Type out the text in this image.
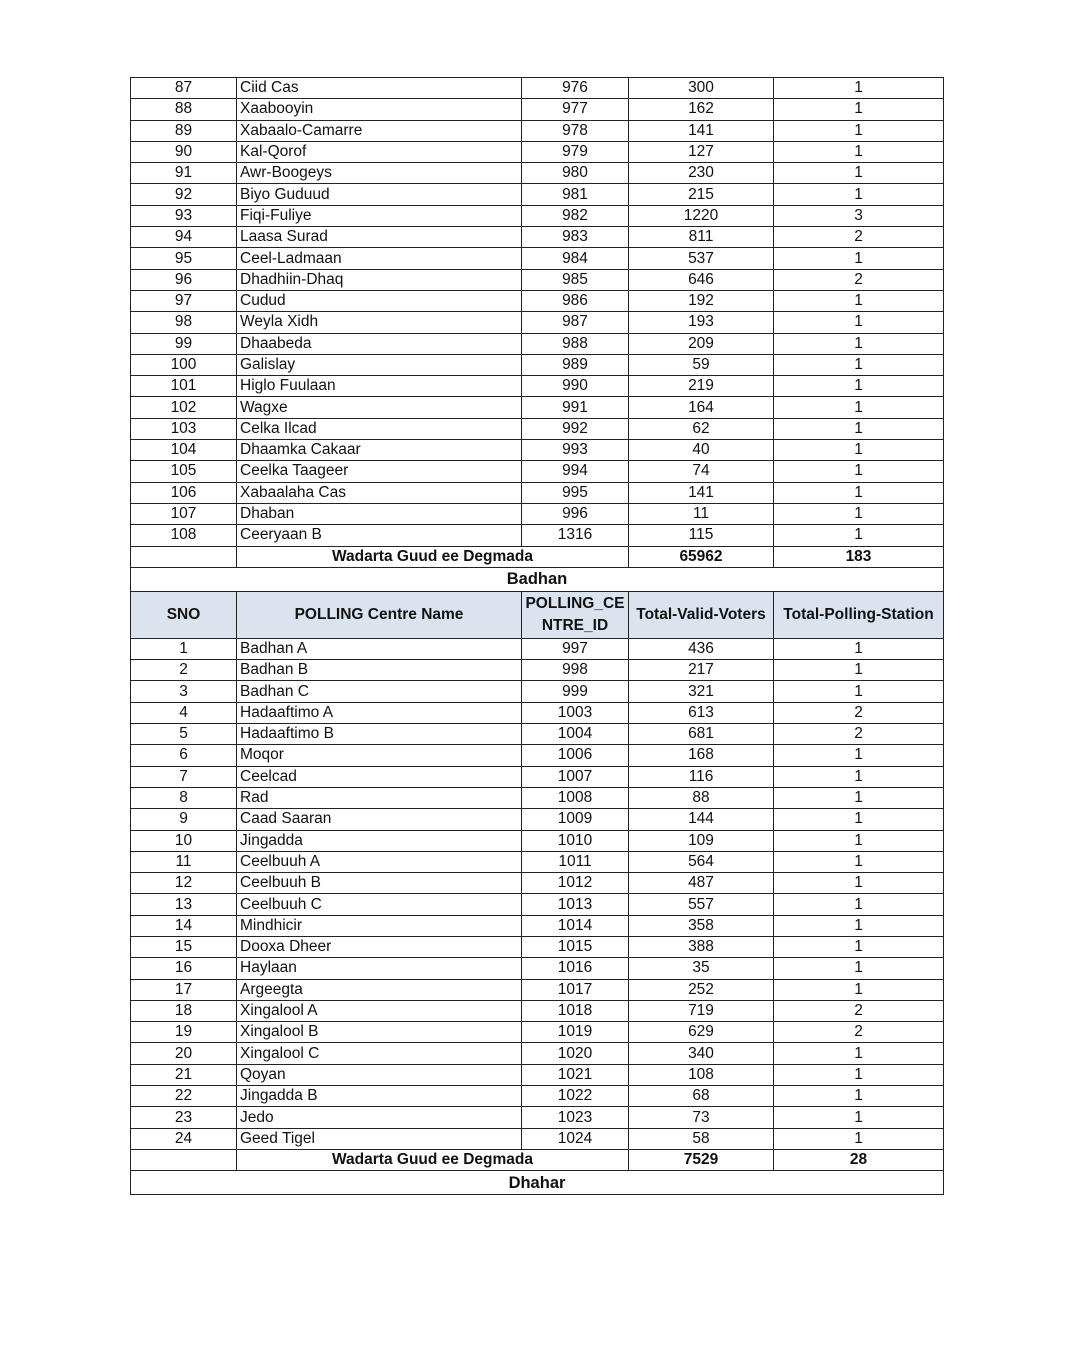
87	Ciid Cas	976	300	1
88	Xaabooyin	977	162	1
89	Xabaalo-Camarre	978	141	1
90	Kal-Qorof	979	127	1
91	Awr-Boogeys	980	230	1
92	Biyo Guduud	981	215	1
93	Fiqi-Fuliye	982	1220	3
94	Laasa Surad	983	811	2
95	Ceel-Ladmaan	984	537	1
96	Dhadhiin-Dhaq	985	646	2
97	Cudud	986	192	1
98	Weyla Xidh	987	193	1
99	Dhaabeda	988	209	1
100	Galislay	989	59	1
101	Higlo Fuulaan	990	219	1
102	Wagxe	991	164	1
103	Celka Ilcad	992	62	1
104	Dhaamka Cakaar	993	40	1
105	Ceelka Taageer	994	74	1
106	Xabaalaha Cas	995	141	1
107	Dhaban	996	11	1
108	Ceeryaan B	1316	115	1
	Wadarta Guud ee Degmada		65962	183
Badhan				
SNO	POLLING Centre Name	POLLING_CE NTRE_ID	Total-Valid-Voters	Total-Polling-Station
1	Badhan A	997	436	1
2	Badhan B	998	217	1
3	Badhan C	999	321	1
4	Hadaaftimo A	1003	613	2
5	Hadaaftimo B	1004	681	2
6	Moqor	1006	168	1
7	Ceelcad	1007	116	1
8	Rad	1008	88	1
9	Caad Saaran	1009	144	1
10	Jingadda	1010	109	1
11	Ceelbuuh A	1011	564	1
12	Ceelbuuh B	1012	487	1
13	Ceelbuuh C	1013	557	1
14	Mindhicir	1014	358	1
15	Dooxa Dheer	1015	388	1
16	Haylaan	1016	35	1
17	Argeegta	1017	252	1
18	Xingalool A	1018	719	2
19	Xingalool B	1019	629	2
20	Xingalool C	1020	340	1
21	Qoyan	1021	108	1
22	Jingadda B	1022	68	1
23	Jedo	1023	73	1
24	Geed Tigel	1024	58	1
	Wadarta Guud ee Degmada		7529	28
Dhahar				
